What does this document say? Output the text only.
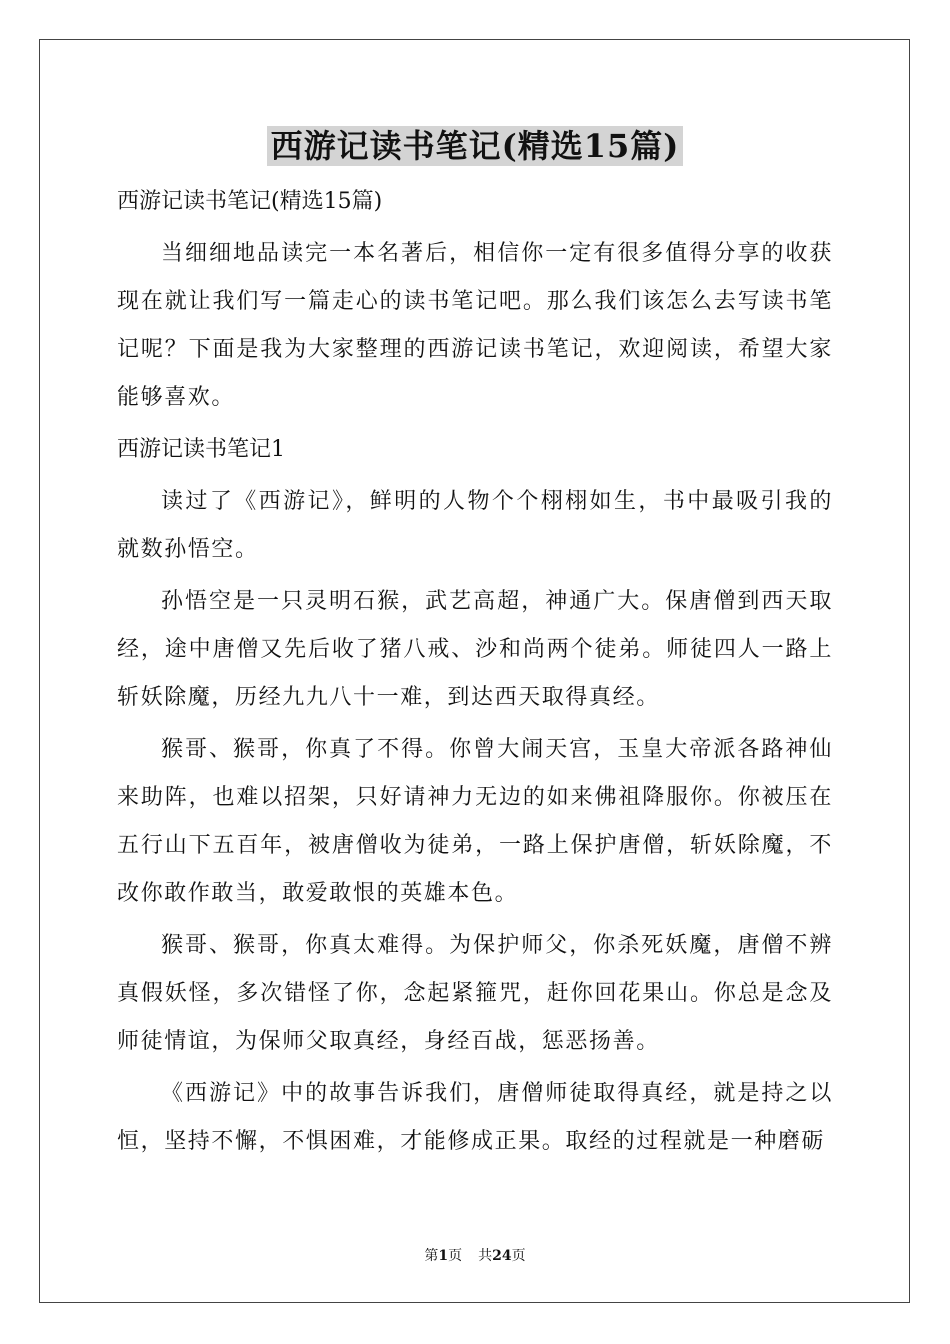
西游记读书笔记(精选15篇)

西游记读书笔记(精选15篇)

当细细地品读完一本名著后，相信你一定有很多值得分享的收获现在就让我们写一篇走心的读书笔记吧。那么我们该怎么去写读书笔记呢？下面是我为大家整理的西游记读书笔记，欢迎阅读，希望大家能够喜欢。

西游记读书笔记1

读过了《西游记》，鲜明的人物个个栩栩如生，书中最吸引我的就数孙悟空。

孙悟空是一只灵明石猴，武艺高超，神通广大。保唐僧到西天取经，途中唐僧又先后收了猪八戒、沙和尚两个徒弟。师徒四人一路上斩妖除魔，历经九九八十一难，到达西天取得真经。

猴哥、猴哥，你真了不得。你曾大闹天宫，玉皇大帝派各路神仙来助阵，也难以招架，只好请神力无边的如来佛祖降服你。你被压在五行山下五百年，被唐僧收为徒弟，一路上保护唐僧，斩妖除魔，不改你敢作敢当，敢爱敢恨的英雄本色。

猴哥、猴哥，你真太难得。为保护师父，你杀死妖魔，唐僧不辨真假妖怪，多次错怪了你，念起紧箍咒，赶你回花果山。你总是念及师徒情谊，为保师父取真经，身经百战，惩恶扬善。

《西游记》中的故事告诉我们，唐僧师徒取得真经，就是持之以恒，坚持不懈，不惧困难，才能修成正果。取经的过程就是一种磨砺

第1页 共24页
